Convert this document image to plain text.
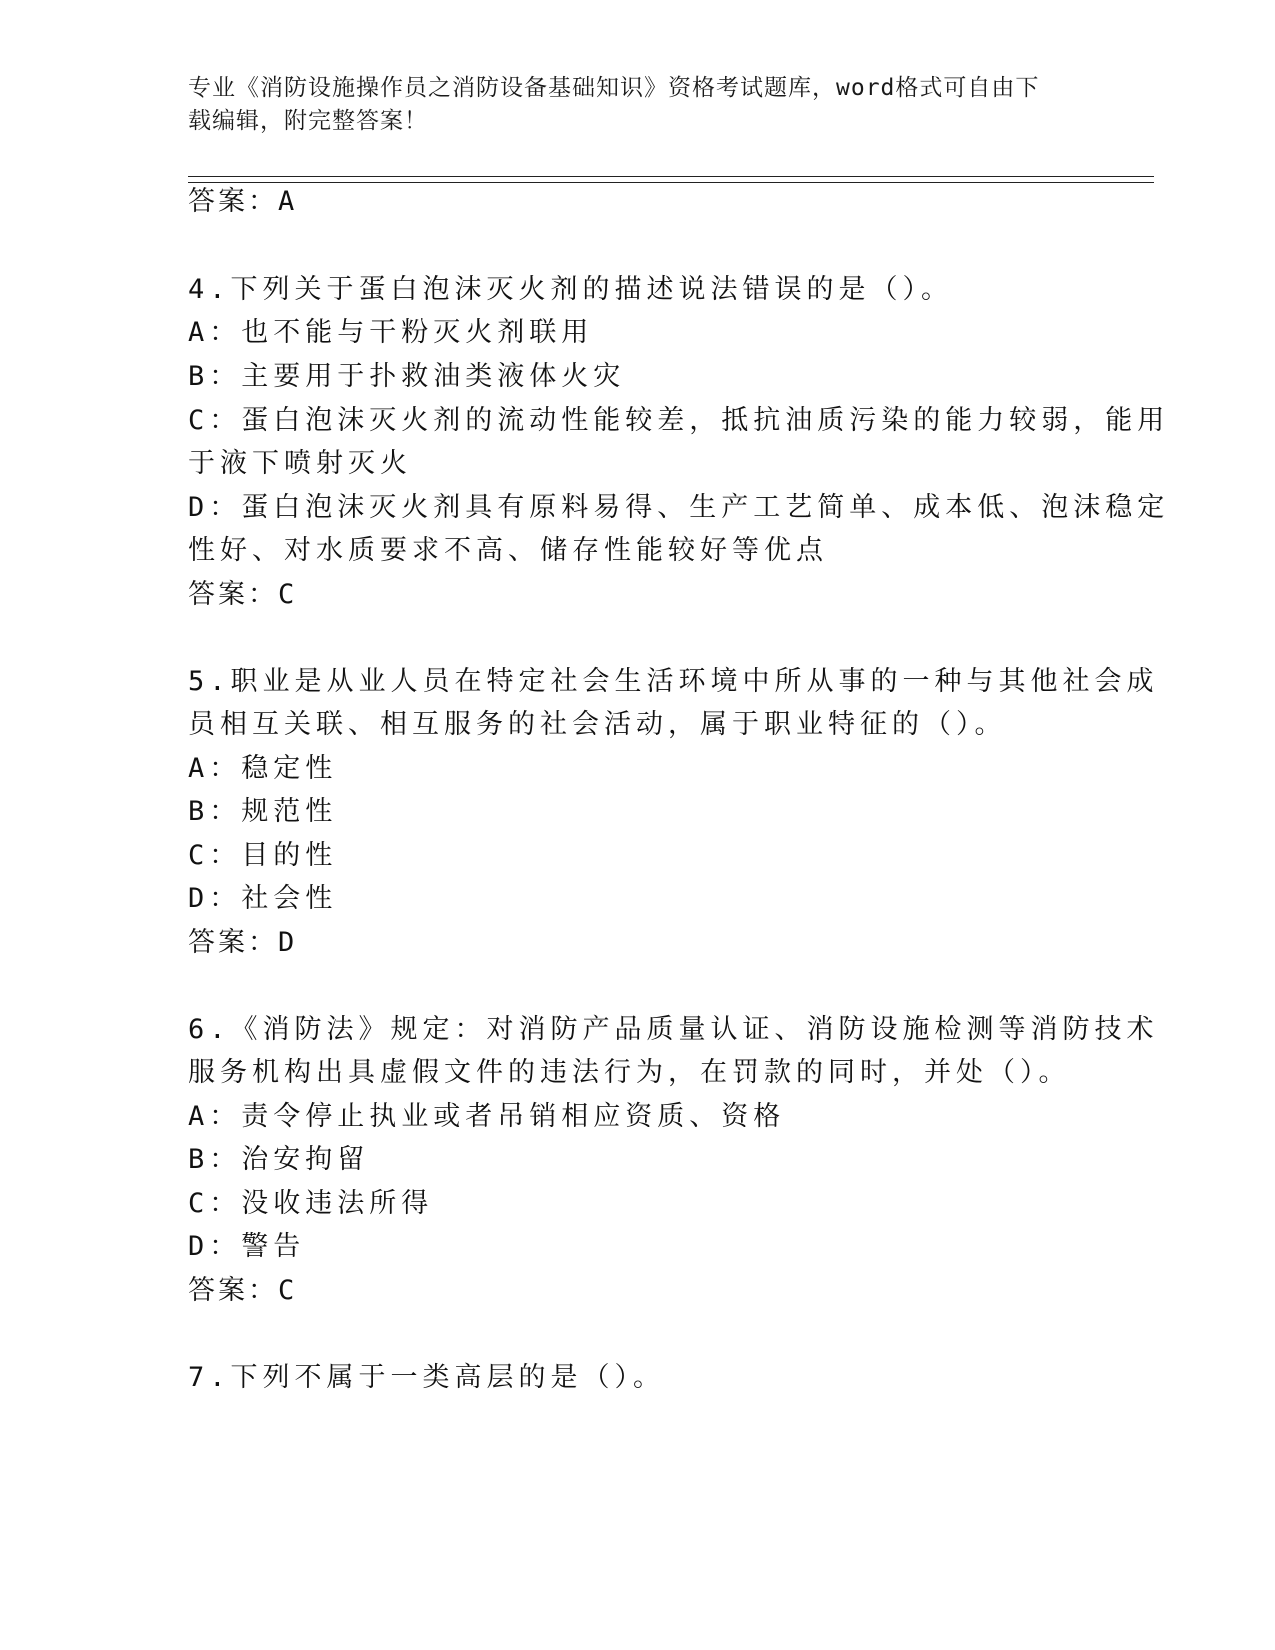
专业《消防设施操作员之消防设备基础知识》资格考试题库，word格式可自由下
载编辑，附完整答案！
答案：A
4.下列关于蛋白泡沫灭火剂的描述说法错误的是（）。
A：也不能与干粉灭火剂联用
B：主要用于扑救油类液体火灾
C：蛋白泡沫灭火剂的流动性能较差，抵抗油质污染的能力较弱，能用
于液下喷射灭火
D：蛋白泡沫灭火剂具有原料易得、生产工艺简单、成本低、泡沫稳定
性好、对水质要求不高、储存性能较好等优点
答案：C
5.职业是从业人员在特定社会生活环境中所从事的一种与其他社会成
员相互关联、相互服务的社会活动，属于职业特征的（）。
A：稳定性
B：规范性
C：目的性
D：社会性
答案：D
6.《消防法》规定：对消防产品质量认证、消防设施检测等消防技术
服务机构出具虚假文件的违法行为，在罚款的同时，并处（）。
A：责令停止执业或者吊销相应资质、资格
B：治安拘留
C：没收违法所得
D：警告
答案：C
7.下列不属于一类高层的是（）。
